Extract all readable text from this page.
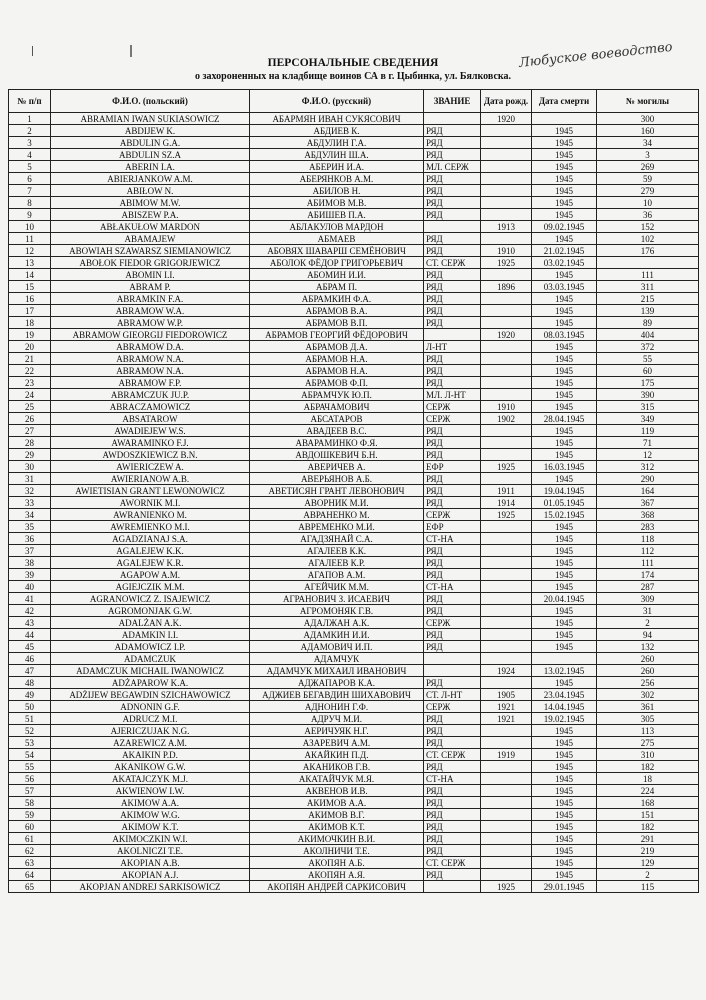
ПЕРСОНАЛЬНЫЕ СВЕДЕНИЯ
о захороненных на кладбище воинов СА в г. Цыбинка, ул. Бялковска.
Любуское воеводство
№ п/п	Ф.И.О. (польский)	Ф.И.О. (русский)	ЗВАНИЕ	Дата рожд.	Дата смерти	№ могилы
1	ABRAMIAN IWAN SUKIASOWICZ	АБАРМЯН ИВАН СУКЯСОВИЧ		1920		300
2	ABDIJEW K.	АБДИЕВ К.	РЯД		1945	160
3	ABDULIN G.A.	АБДУЛИН Г.А.	РЯД		1945	34
4	ABDULIN SZ.A	АБДУЛИН Ш.А.	РЯД		1945	3
5	ABERIN I.A.	АБЕРИН И.А.	МЛ. СЕРЖ		1945	269
6	ABIERJANKOW A.M.	АБЕРЯНКОВ А.М.	РЯД		1945	59
7	ABIŁOW N.	АБИЛОВ Н.	РЯД		1945	279
8	ABIMOW M.W.	АБИМОВ М.В.	РЯД		1945	10
9	ABISZEW P.A.	АБИШЕВ П.А.	РЯД		1945	36
10	ABŁAKUŁOW MARDON	АБЛАКУЛОВ МАРДОН		1913	09.02.1945	152
11	ABAMAJEW	АБМАЕВ	РЯД		1945	102
12	ABOWIAH SZAWARSZ SIEMIANOWICZ	АБОВЯХ ШАВАРШ СЕМЁНОВИЧ	РЯД	1910	21.02.1945	176
13	ABOŁOK FIEDOR GRIGORJEWICZ	АБОЛОК ФЁДОР ГРИГОРЬЕВИЧ	СТ. СЕРЖ	1925	03.02.1945	
14	ABOMIN I.I.	АБОМИН И.И.	РЯД		1945	111
15	ABRAM P.	АБРАМ П.	РЯД	1896	03.03.1945	311
16	ABRAMKIN F.A.	АБРАМКИН Ф.А.	РЯД		1945	215
17	ABRAMOW W.A.	АБРАМОВ В.А.	РЯД		1945	139
18	ABRAMOW W.P.	АБРАМОВ В.П.	РЯД		1945	89
19	ABRAMOW GIEORGIJ FIEDOROWICZ	АБРАМОВ ГЕОРГИЙ ФЁДОРОВИЧ		1920	08.03.1945	404
20	ABRAMOW D.A.	АБРАМОВ Д.А.	Л-НТ		1945	372
21	ABRAMOW N.A.	АБРАМОВ Н.А.	РЯД		1945	55
22	ABRAMOW N.A.	АБРАМОВ Н.А.	РЯД		1945	60
23	ABRAMOW F.P.	АБРАМОВ Ф.П.	РЯД		1945	175
24	ABRAMCZUK JU.P.	АБРАМЧУК Ю.П.	МЛ. Л-НТ		1945	390
25	ABRACZAMOWICZ	АБРАЧАМОВИЧ	СЕРЖ	1910	1945	315
26	ABSATAROW	АБСАТАРОВ	СЕРЖ	1902	28.04.1945	349
27	AWADIEJEW W.S.	АВАДЕЕВ В.С.	РЯД		1945	119
28	AWARAMINKO F.J.	АВАРАМИНКО Ф.Я.	РЯД		1945	71
29	AWDOSZKIEWICZ B.N.	АВДОШКЕВИЧ Б.Н.	РЯД		1945	12
30	AWIERICZEW A.	АВЕРИЧЕВ А.	ЕФР	1925	16.03.1945	312
31	AWIERIANOW A.B.	АВЕРЬЯНОВ А.Б.	РЯД		1945	290
32	AWIETISIAN GRANT LEWONOWICZ	АВЕТИСЯН ГРАНТ ЛЕВОНОВИЧ	РЯД	1911	19.04.1945	164
33	AWORNIK M.I.	АВОРНИК М.И.	РЯД	1914	01.05.1945	367
34	AWRANIENKO M.	АВРАНЕНКО М.	СЕРЖ	1925	15.02.1945	368
35	AWREMIENKO M.I.	АВРЕМЕНКО М.И.	ЕФР		1945	283
36	AGADZIANAJ S.A.	АГАДЗЯНАЙ С.А.	СТ-НА		1945	118
37	AGALEJEW K.K.	АГАЛЕЕВ К.К.	РЯД		1945	112
38	AGALEJEW K.R.	АГАЛЕЕВ К.Р.	РЯД		1945	111
39	AGAPOW A.M.	АГАПОВ А.М.	РЯД		1945	174
40	AGIEJCZIK M.M.	АГЕЙЧИК М.М.	СТ-НА		1945	287
41	AGRANOWICZ Z. ISAJEWICZ	АГРАНОВИЧ З. ИСАЕВИЧ	РЯД		20.04.1945	309
42	AGROMONJAK G.W.	АГРОМОНЯК Г.В.	РЯД		1945	31
43	ADALŻAN A.K.	АДАЛЖАН А.К.	СЕРЖ		1945	2
44	ADAMKIN I.I.	АДАМКИН И.И.	РЯД		1945	94
45	ADAMOWICZ I.P.	АДАМОВИЧ И.П.	РЯД		1945	132
46	ADAMCZUK	АДАМЧУК				260
47	ADAMCZUK MICHAIL IWANOWICZ	АДАМЧУК МИХАИЛ ИВАНОВИЧ		1924	13.02.1945	260
48	ADŻAPAROW K.A.	АДЖАПАРОВ К.А.	РЯД		1945	256
49	ADŻIJEW BEGAWDIN SZICHAWOWICZ	АДЖИЕВ БЕГАВДИН ШИХАВОВИЧ	СТ. Л-НТ	1905	23.04.1945	302
50	ADNONIN G.F.	АДНОНИН Г.Ф.	СЕРЖ	1921	14.04.1945	361
51	ADRUCZ M.I.	АДРУЧ М.И.	РЯД	1921	19.02.1945	305
52	AJERICZUJAK N.G.	АЕРИЧУЯК Н.Г.	РЯД		1945	113
53	AZAREWICZ A.M.	АЗАРЕВИЧ А.М.	РЯД		1945	275
54	AKAIKIN P.D.	АКАЙКИН П.Д.	СТ. СЕРЖ	1919	1945	310
55	AKANIKOW G.W.	АКАНИКОВ Г.В.	РЯД		1945	182
56	AKATAJCZYK M.J.	АКАТАЙЧУК М.Я.	СТ-НА		1945	18
57	AKWIENOW I.W.	АКВЕНОВ И.В.	РЯД		1945	224
58	AKIMOW A.A.	АКИМОВ А.А.	РЯД		1945	168
59	AKIMOW W.G.	АКИМОВ В.Г.	РЯД		1945	151
60	AKIMOW K.T.	АКИМОВ К.Т.	РЯД		1945	182
61	AKIMOCZKIN W.I.	АКИМОЧКИН В.И.	РЯД		1945	291
62	AKOLNICZI T.E.	АКОЛНИЧИ Т.Е.	РЯД		1945	219
63	AKOPIAN A.B.	АКОПЯН А.Б.	СТ. СЕРЖ		1945	129
64	AKOPIAN A.J.	АКОПЯН А.Я.	РЯД		1945	2
65	AKOPJAN ANDREJ SARKISOWICZ	АКОПЯН АНДРЕЙ САРКИСОВИЧ		1925	29.01.1945	115
